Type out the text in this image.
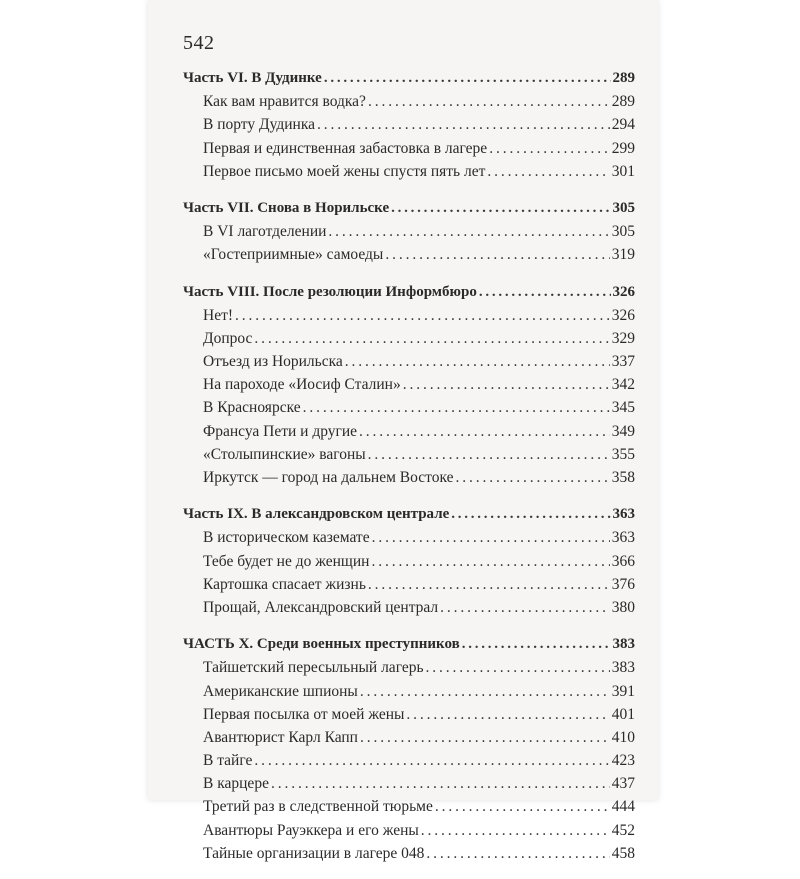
542
Часть VI. В Дудинке . . .	289
Как вам нравится водка? . . .	289
В порту Дудинка . . .	294
Первая и единственная забастовка в лагере . . .	299
Первое письмо моей жены спустя пять лет . . .	301
Часть VII. Снова в Норильске . . .	305
В VI лаготделении . . .	305
«Гостеприимные» самоеды . . .	319
Часть VIII. После резолюции Информбюро . . .	326
Нет! . . .	326
Допрос . . .	329
Отъезд из Норильска . . .	337
На пароходе «Иосиф Сталин» . . .	342
В Красноярске . . .	345
Франсуа Пети и другие . . .	349
«Столыпинские» вагоны . . .	355
Иркутск — город на дальнем Востоке . . .	358
Часть IX. В александровском централе . . .	363
В историческом каземате . . .	363
Тебе будет не до женщин . . .	366
Картошка спасает жизнь . . .	376
Прощай, Александровский централ . . .	380
ЧАСТЬ X. Среди военных преступников . . .	383
Тайшетский пересыльный лагерь . . .	383
Американские шпионы . . .	391
Первая посылка от моей жены . . .	401
Авантюрист Карл Капп . . .	410
В тайге . . .	423
В карцере . . .	437
Третий раз в следственной тюрьме . . .	444
Авантюры Рауэккера и его жены . . .	452
Тайные организации в лагере 048 . . .	458
